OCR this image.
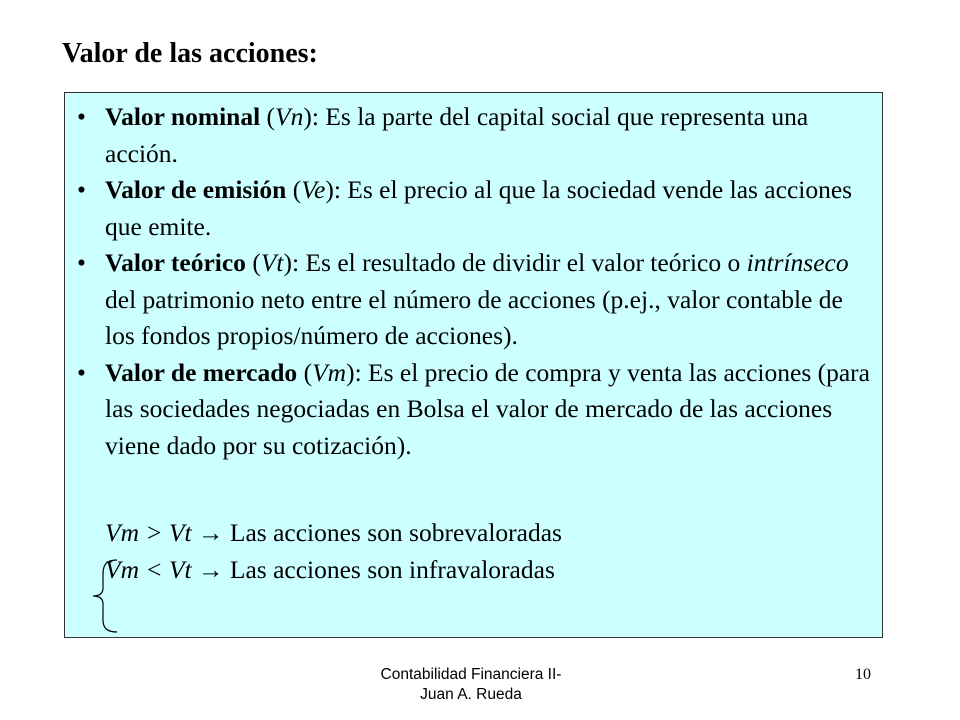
Valor de las acciones:
• Valor nominal (Vn): Es la parte del capital social que representa una acción.
• Valor de emisión (Ve): Es el precio al que la sociedad vende las acciones que emite.
• Valor teórico (Vt): Es el resultado de dividir el valor teórico o intrínseco del patrimonio neto entre el número de acciones (p.ej., valor contable de los fondos propios/número de acciones).
• Valor de mercado (Vm): Es el precio de compra y venta las acciones (para las sociedades negociadas en Bolsa el valor de mercado de las acciones viene dado por su cotización).
Vm > Vt → Las acciones son sobrevaloradas
Vm < Vt → Las acciones son infravaloradas
Contabilidad Financiera II-
Juan A. Rueda
10
